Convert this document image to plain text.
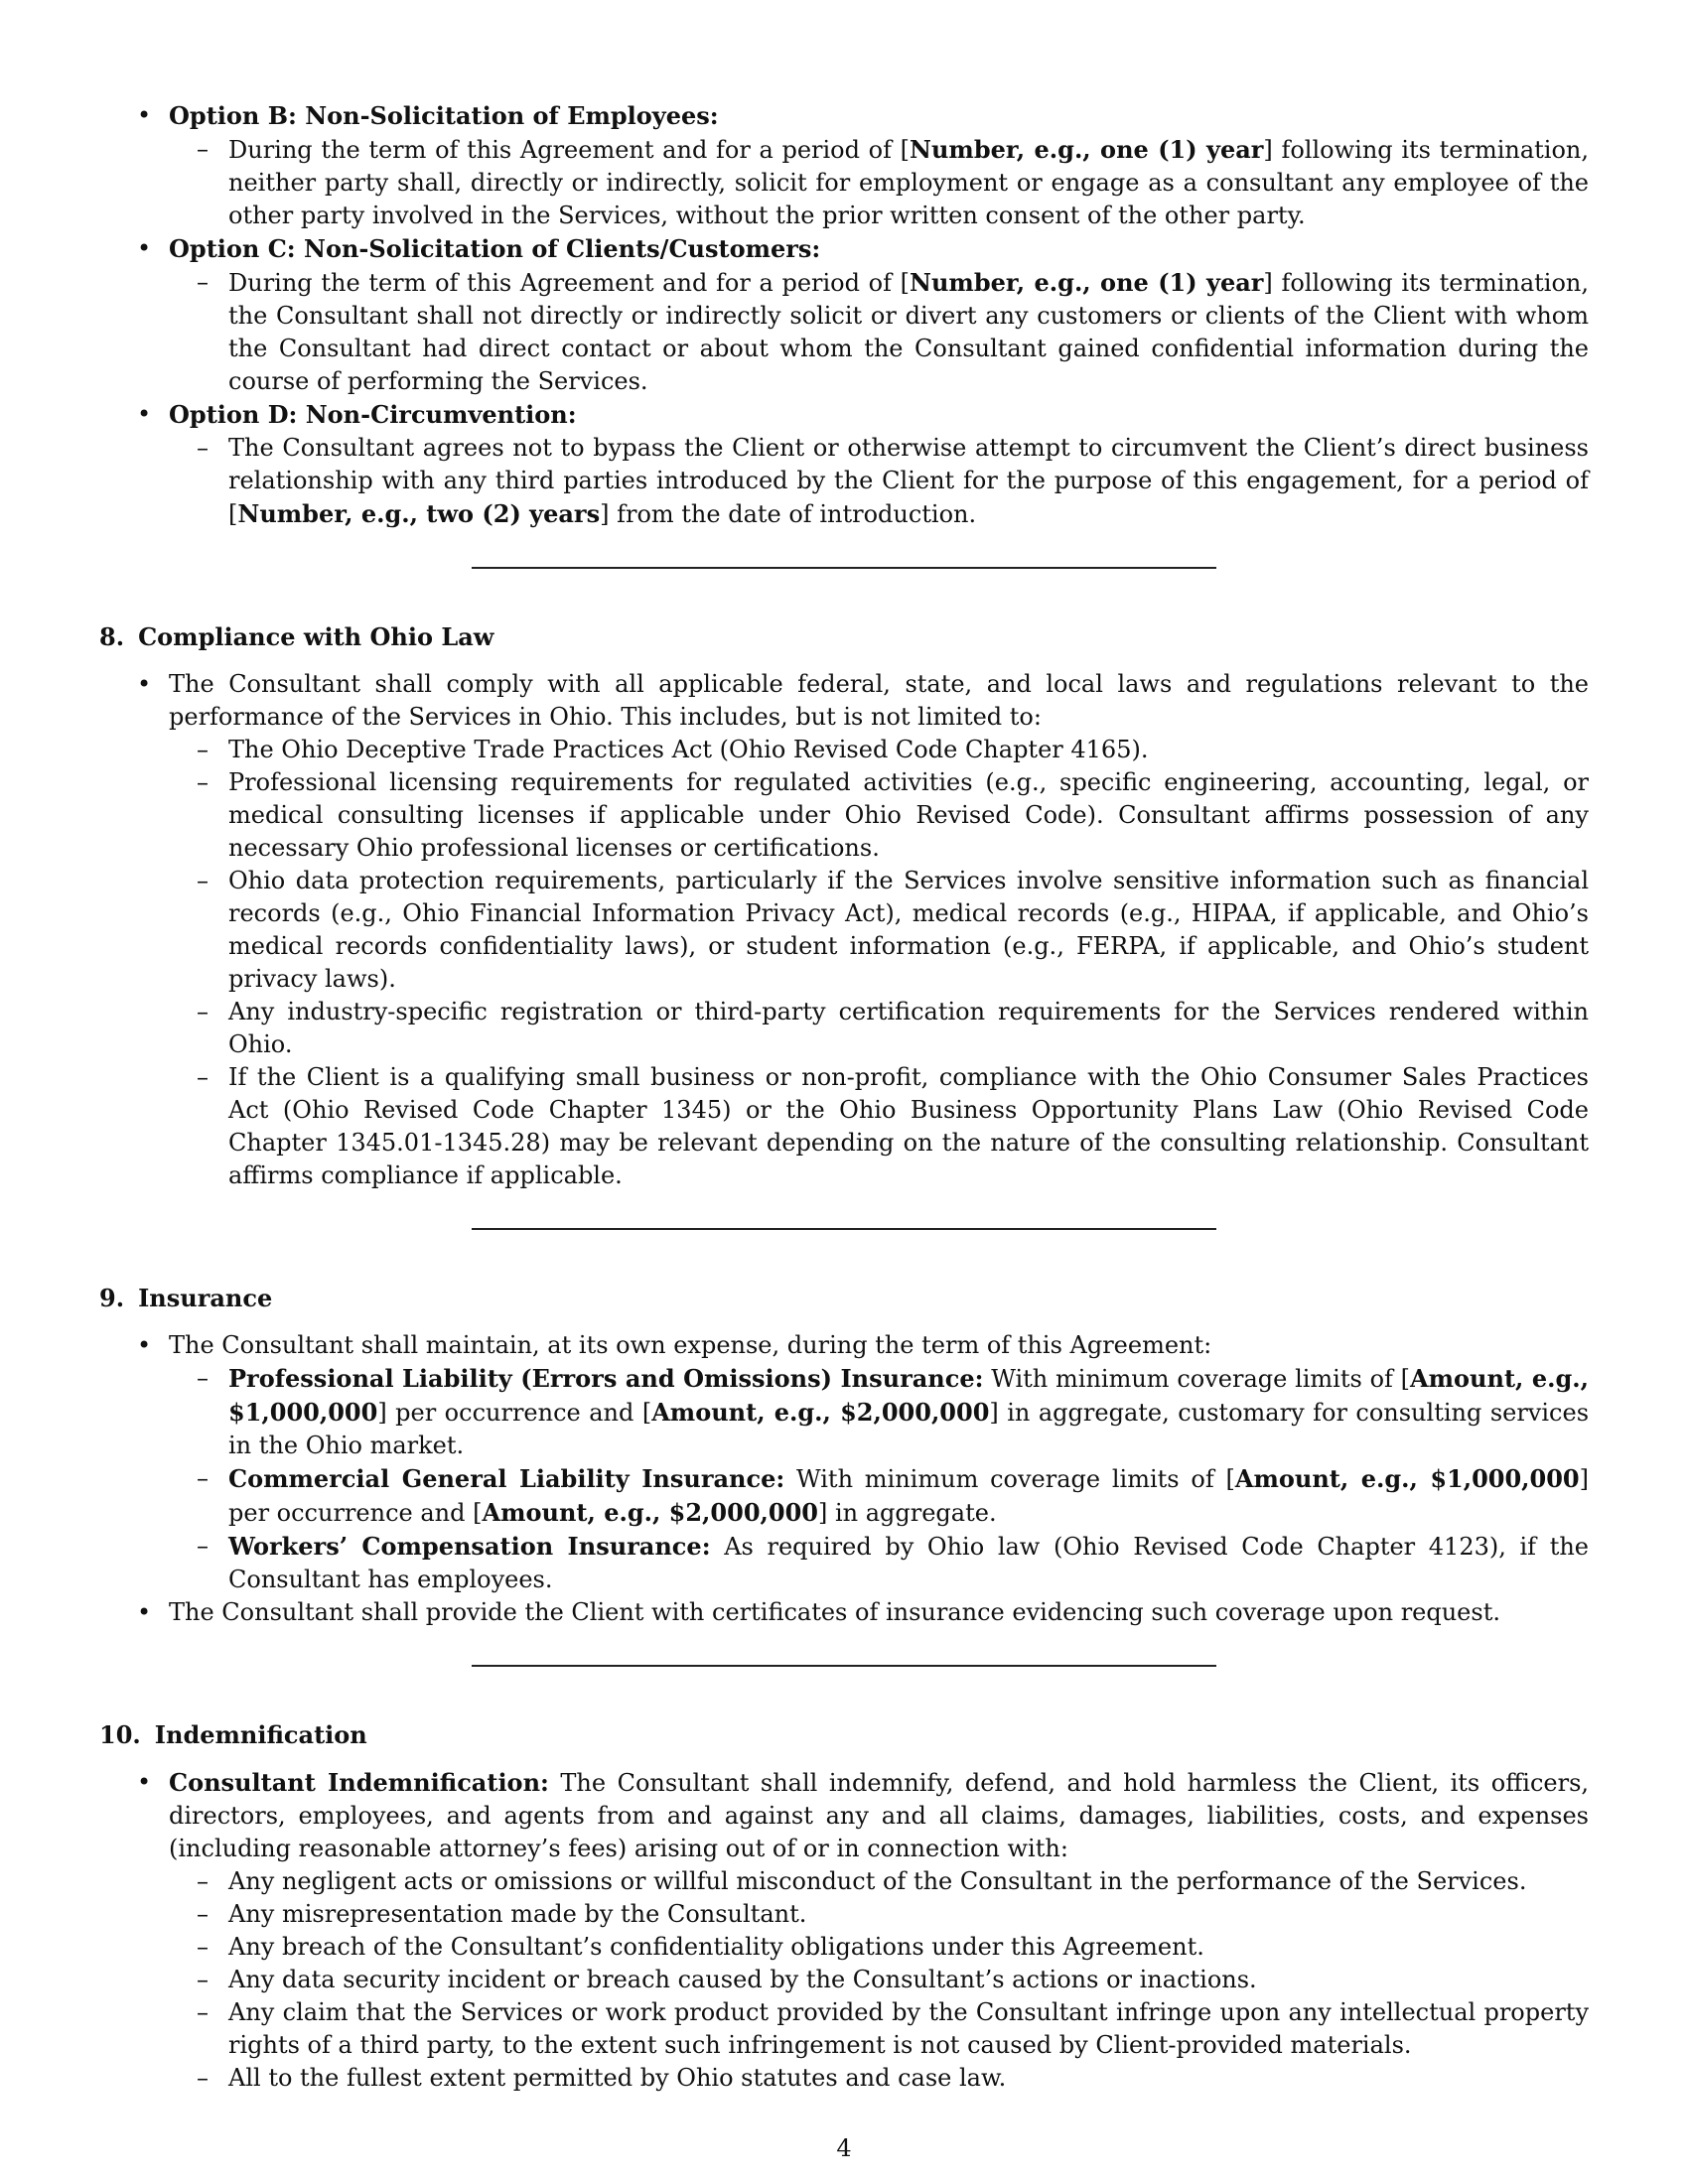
• Option B: Non-Solicitation of Employees:
– During the term of this Agreement and for a period of [Number, e.g., one (1) year] following its termination, neither party shall, directly or indirectly, solicit for employment or engage as a consultant any employee of the other party involved in the Services, without the prior written consent of the other party.
• Option C: Non-Solicitation of Clients/Customers:
– During the term of this Agreement and for a period of [Number, e.g., one (1) year] following its termination, the Consultant shall not directly or indirectly solicit or divert any customers or clients of the Client with whom the Consultant had direct contact or about whom the Consultant gained confidential information during the course of performing the Services.
• Option D: Non-Circumvention:
– The Consultant agrees not to bypass the Client or otherwise attempt to circumvent the Client’s direct business relationship with any third parties introduced by the Client for the purpose of this engagement, for a period of [Number, e.g., two (2) years] from the date of introduction.
8. Compliance with Ohio Law
• The Consultant shall comply with all applicable federal, state, and local laws and regulations relevant to the performance of the Services in Ohio. This includes, but is not limited to:
– The Ohio Deceptive Trade Practices Act (Ohio Revised Code Chapter 4165).
– Professional licensing requirements for regulated activities (e.g., specific engineering, accounting, legal, or medical consulting licenses if applicable under Ohio Revised Code). Consultant affirms possession of any necessary Ohio professional licenses or certifications.
– Ohio data protection requirements, particularly if the Services involve sensitive information such as financial records (e.g., Ohio Financial Information Privacy Act), medical records (e.g., HIPAA, if applicable, and Ohio’s medical records confidentiality laws), or student information (e.g., FERPA, if applicable, and Ohio’s student privacy laws).
– Any industry-specific registration or third-party certification requirements for the Services rendered within Ohio.
– If the Client is a qualifying small business or non-profit, compliance with the Ohio Consumer Sales Practices Act (Ohio Revised Code Chapter 1345) or the Ohio Business Opportunity Plans Law (Ohio Revised Code Chapter 1345.01-1345.28) may be relevant depending on the nature of the consulting relationship. Consultant affirms compliance if applicable.
9. Insurance
• The Consultant shall maintain, at its own expense, during the term of this Agreement:
– Professional Liability (Errors and Omissions) Insurance: With minimum coverage limits of [Amount, e.g., $1,000,000] per occurrence and [Amount, e.g., $2,000,000] in aggregate, customary for consulting services in the Ohio market.
– Commercial General Liability Insurance: With minimum coverage limits of [Amount, e.g., $1,000,000] per occurrence and [Amount, e.g., $2,000,000] in aggregate.
– Workers’ Compensation Insurance: As required by Ohio law (Ohio Revised Code Chapter 4123), if the Consultant has employees.
• The Consultant shall provide the Client with certificates of insurance evidencing such coverage upon request.
10. Indemnification
• Consultant Indemnification: The Consultant shall indemnify, defend, and hold harmless the Client, its officers, directors, employees, and agents from and against any and all claims, damages, liabilities, costs, and expenses (including reasonable attorney’s fees) arising out of or in connection with:
– Any negligent acts or omissions or willful misconduct of the Consultant in the performance of the Services.
– Any misrepresentation made by the Consultant.
– Any breach of the Consultant’s confidentiality obligations under this Agreement.
– Any data security incident or breach caused by the Consultant’s actions or inactions.
– Any claim that the Services or work product provided by the Consultant infringe upon any intellectual property rights of a third party, to the extent such infringement is not caused by Client-provided materials.
– All to the fullest extent permitted by Ohio statutes and case law.
4
